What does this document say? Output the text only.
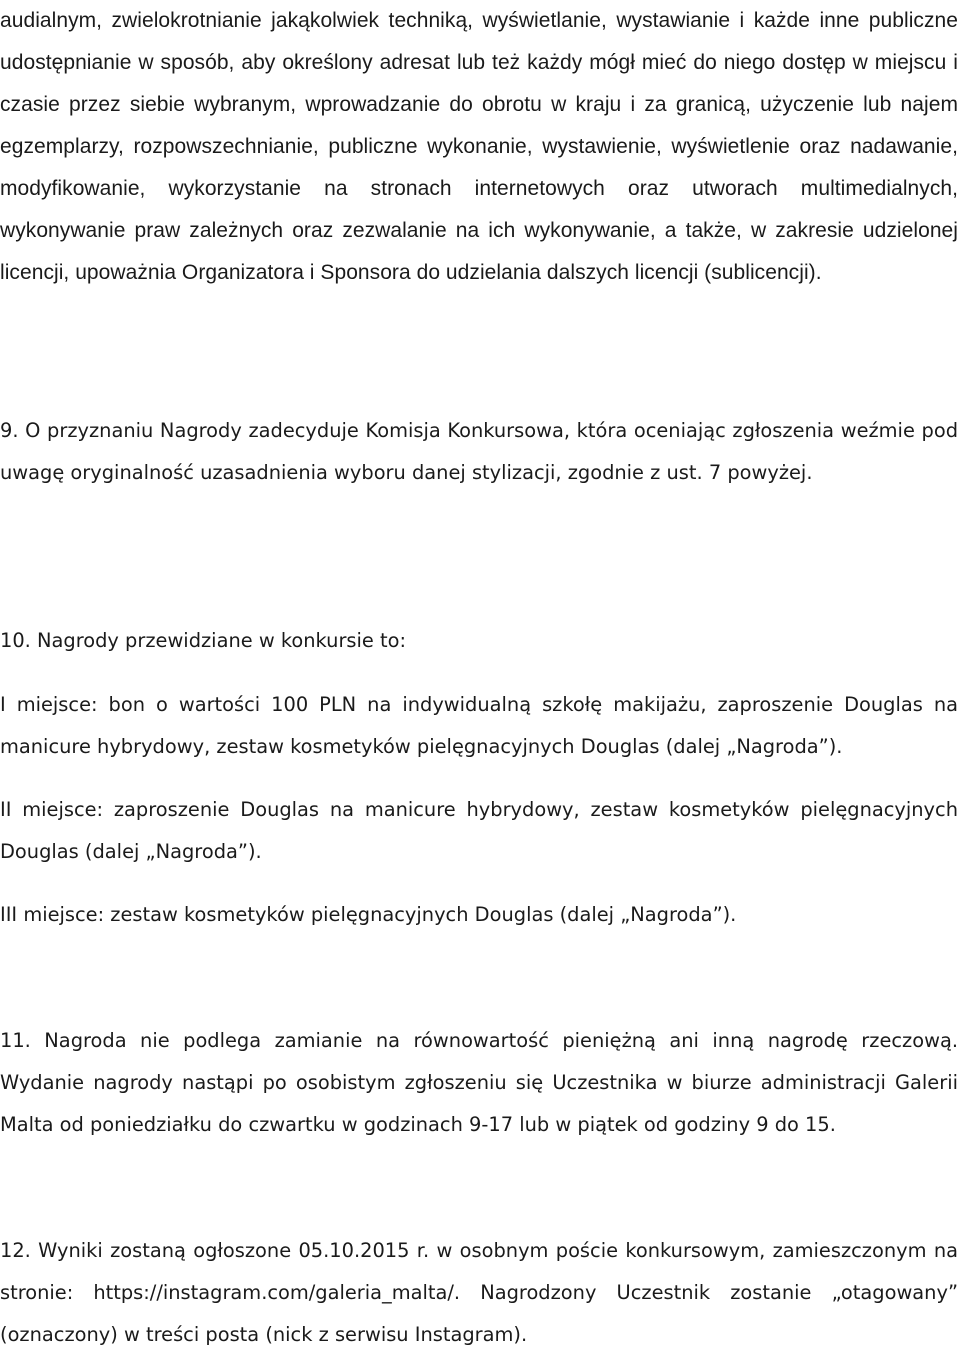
audialnym, zwielokrotnianie jakąkolwiek techniką, wyświetlanie, wystawianie i każde inne publiczne udostępnianie w sposób, aby określony adresat lub też każdy mógł mieć do niego dostęp w miejscu i czasie przez siebie wybranym, wprowadzanie do obrotu w kraju i za granicą, użyczenie lub najem egzemplarzy, rozpowszechnianie, publiczne wykonanie, wystawienie, wyświetlenie oraz nadawanie, modyfikowanie, wykorzystanie na stronach internetowych oraz utworach multimedialnych, wykonywanie praw zależnych oraz zezwalanie na ich wykonywanie, a także, w zakresie udzielonej licencji, upoważnia Organizatora i Sponsora do udzielania dalszych licencji (sublicencji).

9. O przyznaniu Nagrody zadecyduje Komisja Konkursowa, która oceniając zgłoszenia weźmie pod uwagę oryginalność uzasadnienia wyboru danej stylizacji, zgodnie z ust. 7 powyżej.

10. Nagrody przewidziane w konkursie to:

I miejsce: bon o wartości 100 PLN na indywidualną szkołę makijażu, zaproszenie Douglas na manicure hybrydowy, zestaw kosmetyków pielęgnacyjnych Douglas (dalej „Nagroda”).

II miejsce: zaproszenie Douglas na manicure hybrydowy, zestaw kosmetyków pielęgnacyjnych Douglas (dalej „Nagroda”).

III miejsce: zestaw kosmetyków pielęgnacyjnych Douglas (dalej „Nagroda”).

11. Nagroda nie podlega zamianie na równowartość pieniężną ani inną nagrodę rzeczową. Wydanie nagrody nastąpi po osobistym zgłoszeniu się Uczestnika w biurze administracji Galerii Malta od poniedziałku do czwartku w godzinach 9-17 lub w piątek od godziny 9 do 15.

12. Wyniki zostaną ogłoszone 05.10.2015 r. w osobnym poście konkursowym, zamieszczonym na stronie: https://instagram.com/galeria_malta/. Nagrodzony Uczestnik zostanie „otagowany” (oznaczony) w treści posta (nick z serwisu Instagram).
